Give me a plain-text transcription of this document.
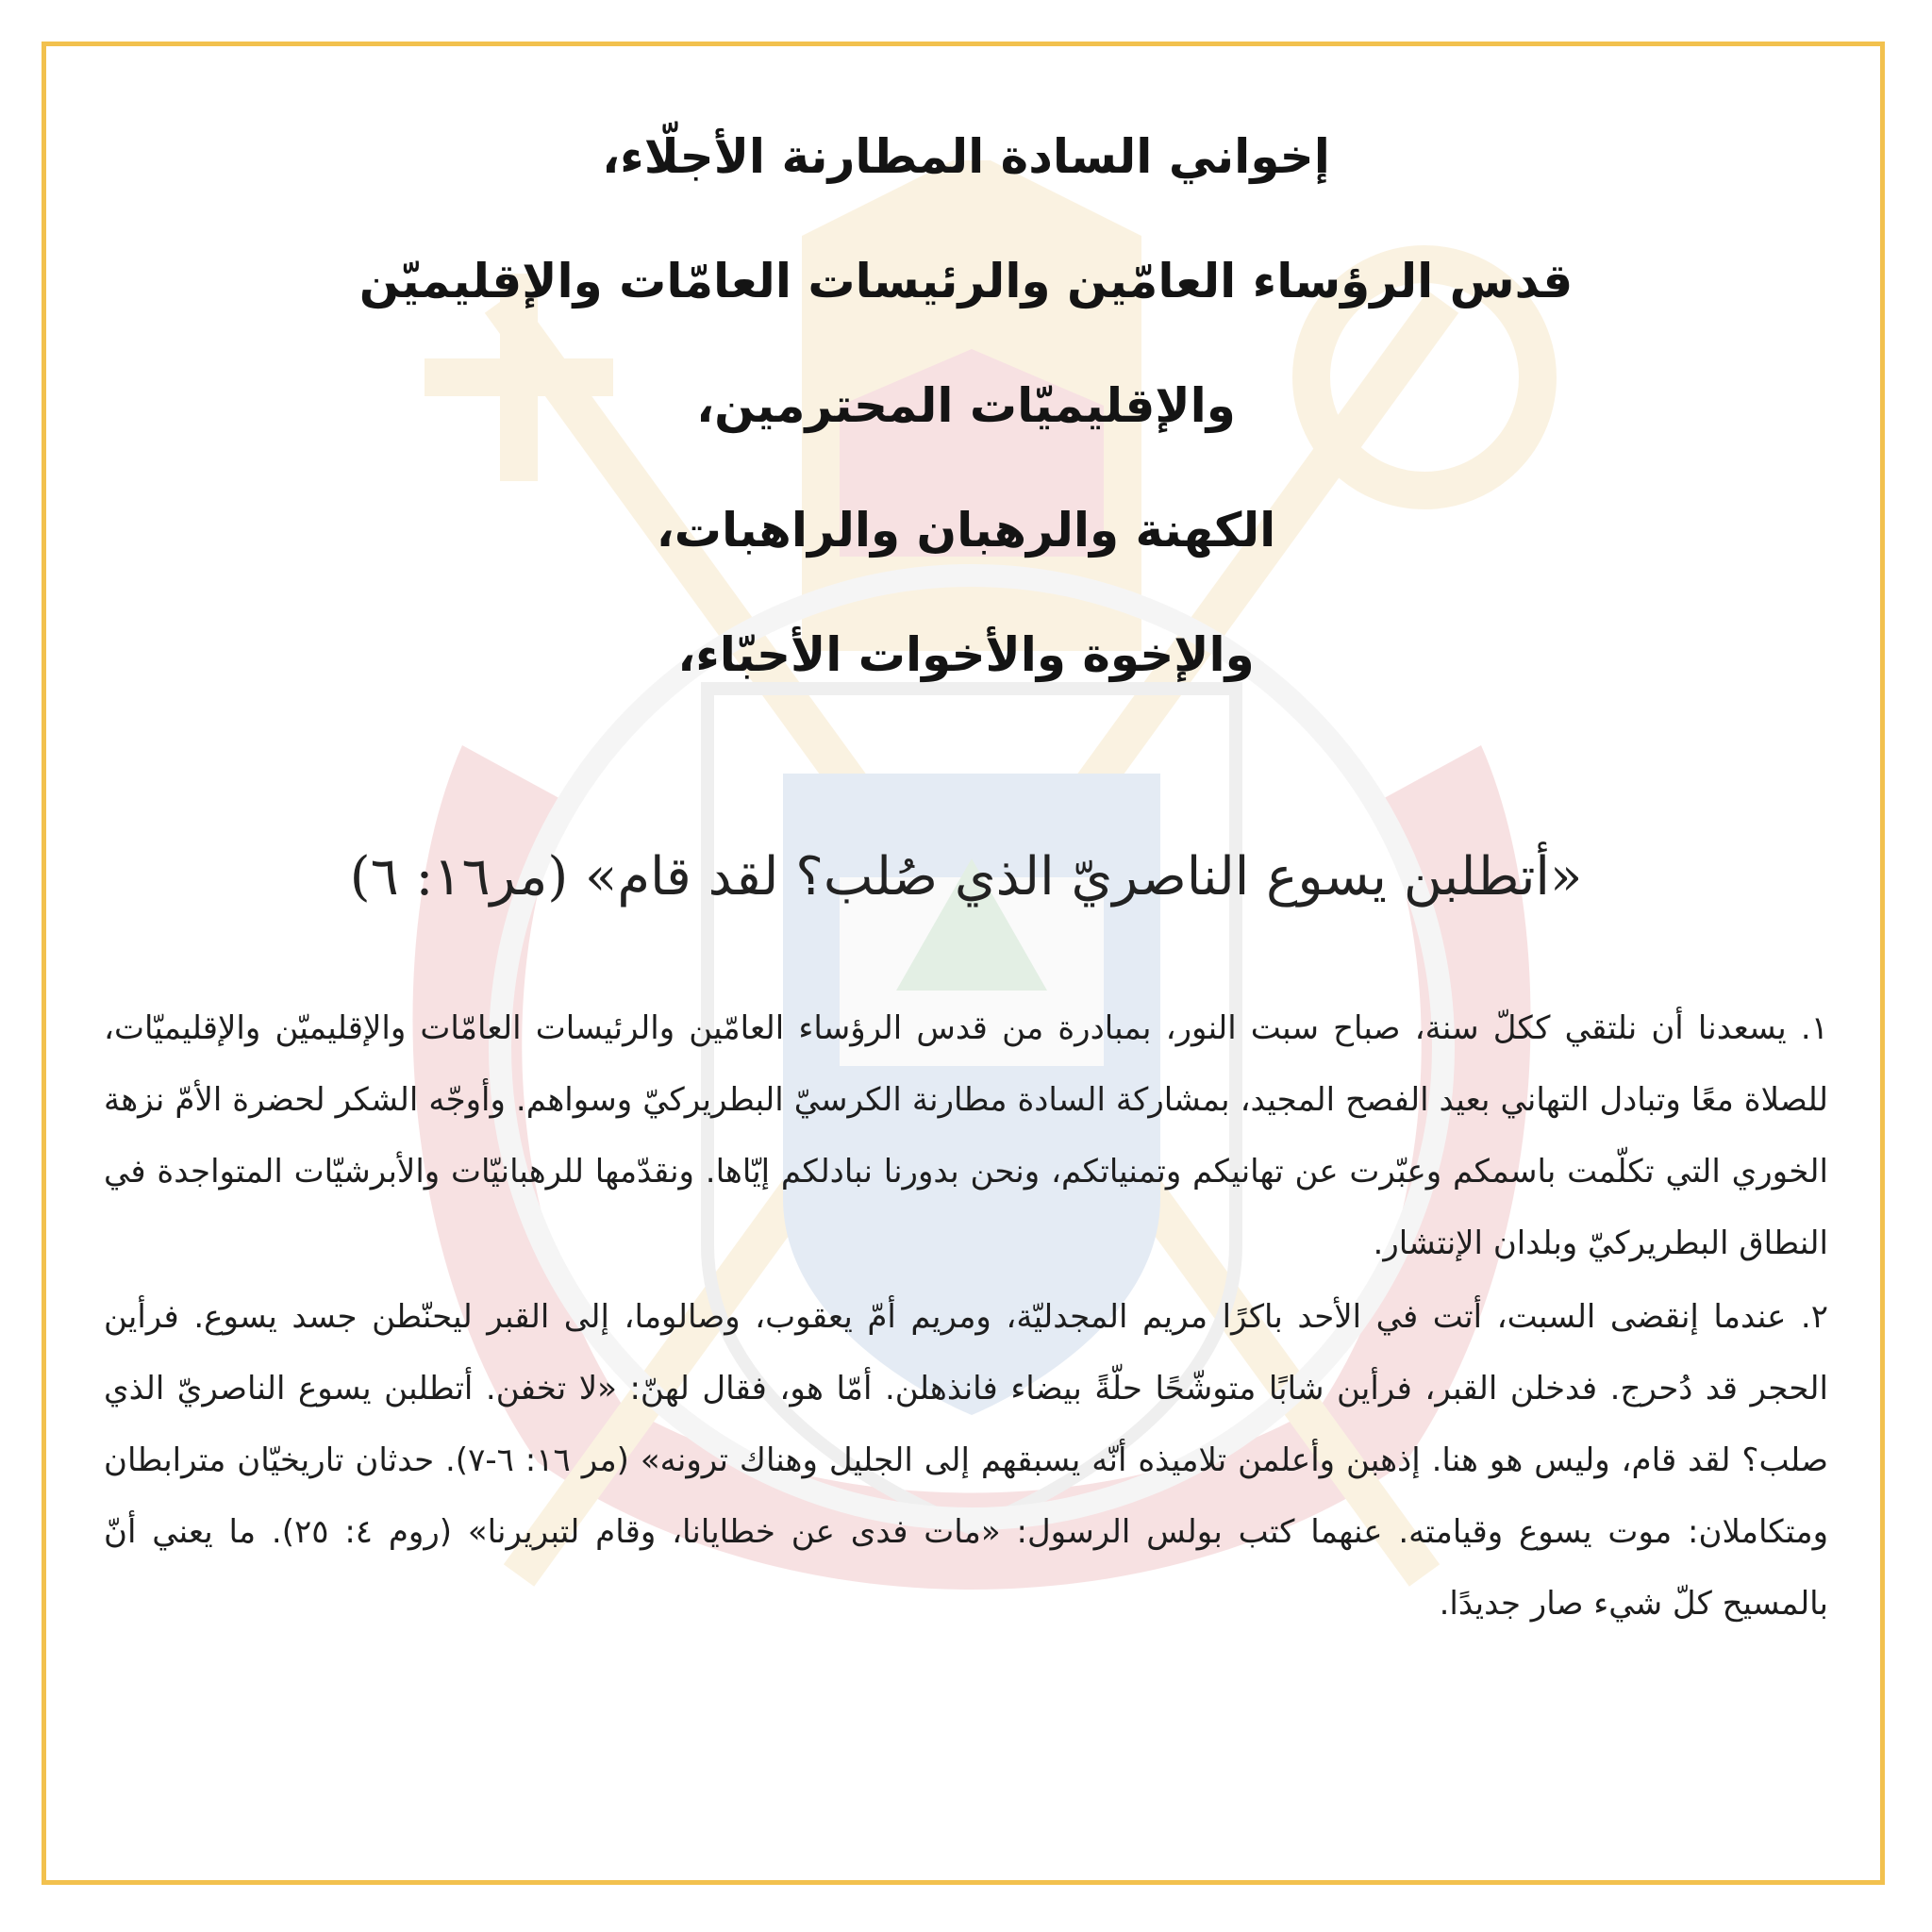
إخواني السادة المطارنة الأجلّاء،
قدس الرؤساء العامّين والرئيسات العامّات والإقليميّن
والإقليميّات المحترمين،
الكهنة والرهبان والراهبات،
والإخوة والأخوات الأحبّاء،
«أتطلبن يسوع الناصريّ الذي صُلب؟ لقد قام» (مر١٦: ٦)

١. يسعدنا أن نلتقي ككلّ سنة، صباح سبت النور، بمبادرة من قدس الرؤساء العامّين والرئيسات العامّات والإقليميّن والإقليميّات، للصلاة معًا وتبادل التهاني بعيد الفصح المجيد، بمشاركة السادة مطارنة الكرسيّ البطريركيّ وسواهم. وأوجّه الشكر لحضرة الأمّ نزهة الخوري التي تكلّمت باسمكم وعبّرت عن تهانيكم وتمنياتكم، ونحن بدورنا نبادلكم إيّاها. ونقدّمها للرهبانيّات والأبرشيّات المتواجدة في النطاق البطريركيّ وبلدان الإنتشار.

٢. عندما إنقضى السبت، أتت في الأحد باكرًا مريم المجدليّة، ومريم أمّ يعقوب، وصالوما، إلى القبر ليحنّطن جسد يسوع. فرأين الحجر قد دُحرج. فدخلن القبر، فرأين شابًا متوشّحًا حلّةً بيضاء فانذهلن. أمّا هو، فقال لهنّ: «لا تخفن. أتطلبن يسوع الناصريّ الذي صلب؟ لقد قام، وليس هو هنا. إذهبن وأعلمن تلاميذه أنّه يسبقهم إلى الجليل وهناك ترونه» (مر ١٦: ٦-٧). حدثان تاريخيّان مترابطان ومتكاملان: موت يسوع وقيامته. عنهما كتب بولس الرسول: «مات فدى عن خطايانا، وقام لتبريرنا» (روم ٤: ٢٥). ما يعني أنّ بالمسيح كلّ شيء صار جديدًا.
